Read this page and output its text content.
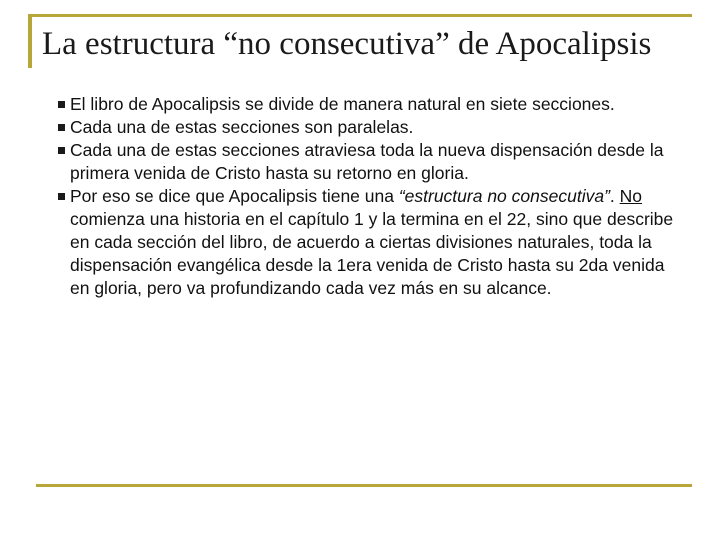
La estructura “no consecutiva” de Apocalipsis
El libro de Apocalipsis se divide de manera natural en siete secciones.
Cada una de estas secciones son paralelas.
Cada una de estas secciones atraviesa toda la nueva dispensación desde la primera venida de Cristo hasta su retorno en gloria.
Por eso se dice que Apocalipsis tiene una “estructura no consecutiva”. No comienza una historia en el capítulo 1 y la termina en el 22, sino que describe en cada sección del libro, de acuerdo a ciertas divisiones naturales, toda la dispensación evangélica desde la 1era venida de Cristo hasta su 2da venida en gloria, pero va profundizando cada vez más en su alcance.
